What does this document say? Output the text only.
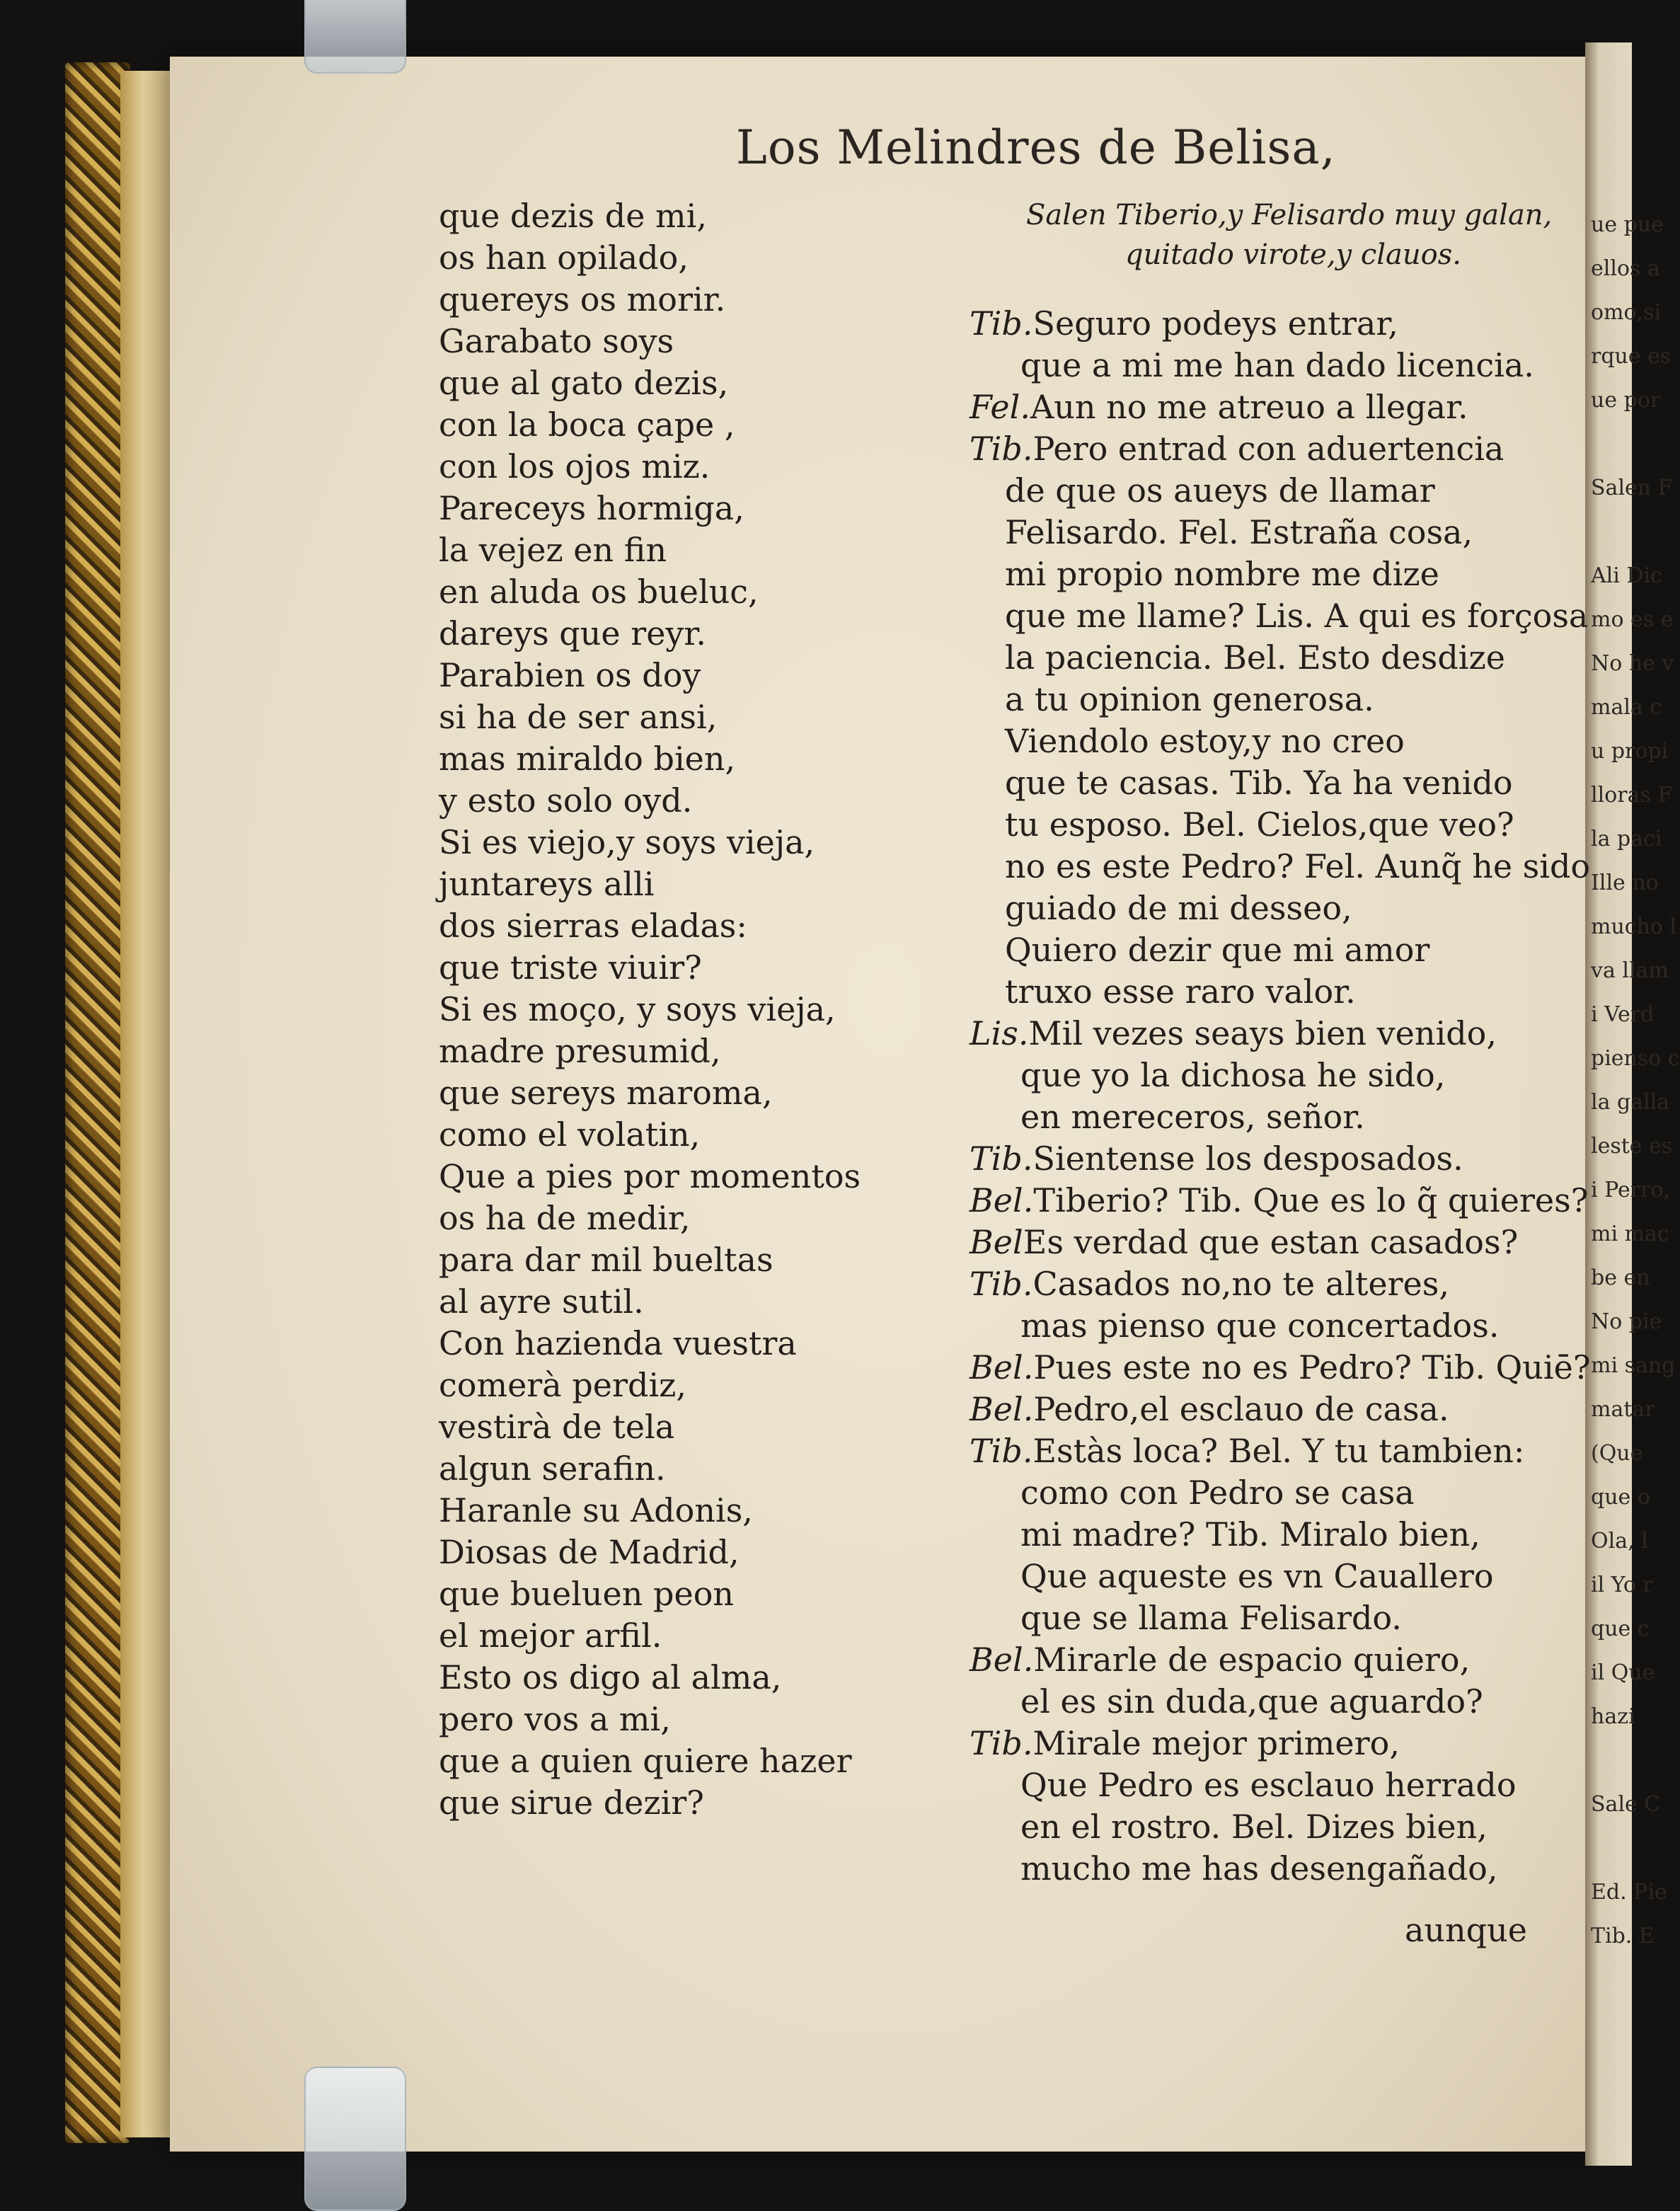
Los Melindres de Belisa,
que dezis de mi,
os han opilado,
quereys os morir.
Garabato soys
que al gato dezis,
con la boca çape ,
con los ojos miz.
Pareceys hormiga,
la vejez en fin
en aluda os bueluc,
dareys que reyr.
Parabien os doy
si ha de ser ansi,
mas miraldo bien,
y esto solo oyd.
Si es viejo,y soys vieja,
juntareys alli
dos sierras eladas:
que triste viuir?
Si es moço, y soys vieja,
madre presumid,
que sereys maroma,
como el volatin,
Que a pies por momentos
os ha de medir,
para dar mil bueltas
al ayre sutil.
Con hazienda vuestra
comerà perdiz,
vestirà de tela
algun serafin.
Haranle su Adonis,
Diosas de Madrid,
que bueluen peon
el mejor arfil.
Esto os digo al alma,
pero vos a mi,
que a quien quiere hazer
que sirue dezir?
Salen Tiberio,y Felisardo muy galan,
quitado virote,y clauos.
Tib.Seguro podeys entrar,
que a mi me han dado licencia.
Fel.Aun no me atreuo a llegar.
Tib.Pero entrad con aduertencia
de que os aueys de llamar
Felisardo. Fel. Estraña cosa,
mi propio nombre me dize
que me llame? Lis. A qui es forçosa
la paciencia. Bel. Esto desdize
a tu opinion generosa.
Viendolo estoy,y no creo
que te casas. Tib. Ya ha venido
tu esposo. Bel. Cielos,que veo?
no es este Pedro? Fel. Aunq̃ he sido
guiado de mi desseo,
Quiero dezir que mi amor
truxo esse raro valor.
Lis.Mil vezes seays bien venido,
que yo la dichosa he sido,
en mereceros, señor.
Tib.Sientense los desposados.
Bel.Tiberio? Tib. Que es lo q̃ quieres?
BelEs verdad que estan casados?
Tib.Casados no,no te alteres,
mas pienso que concertados.
Bel.Pues este no es Pedro? Tib. Quiē?
Bel.Pedro,el esclauo de casa.
Tib.Estàs loca? Bel. Y tu tambien:
como con Pedro se casa
mi madre? Tib. Miralo bien,
Que aqueste es vn Cauallero
que se llama Felisardo.
Bel.Mirarle de espacio quiero,
el es sin duda,que aguardo?
Tib.Mirale mejor primero,
Que Pedro es esclauo herrado
en el rostro. Bel. Dizes bien,
mucho me has desengañado,
aunque
ue pue
ellos a
omo,si
rque es
ue por
Salen F
Ali Dic
mo es e
No he v
mala c
u propi
lloras F
la paci
Ille no
mucho l
va llam
i Verd
pienso c
la galla
leste es
i Perro,
mi mac
be en
No pie
mi sang
matar
(Que
que o
Ola, l
il Yo r
que c
il Que
hazi
Sale C
Ed. Pie
Tib. E
